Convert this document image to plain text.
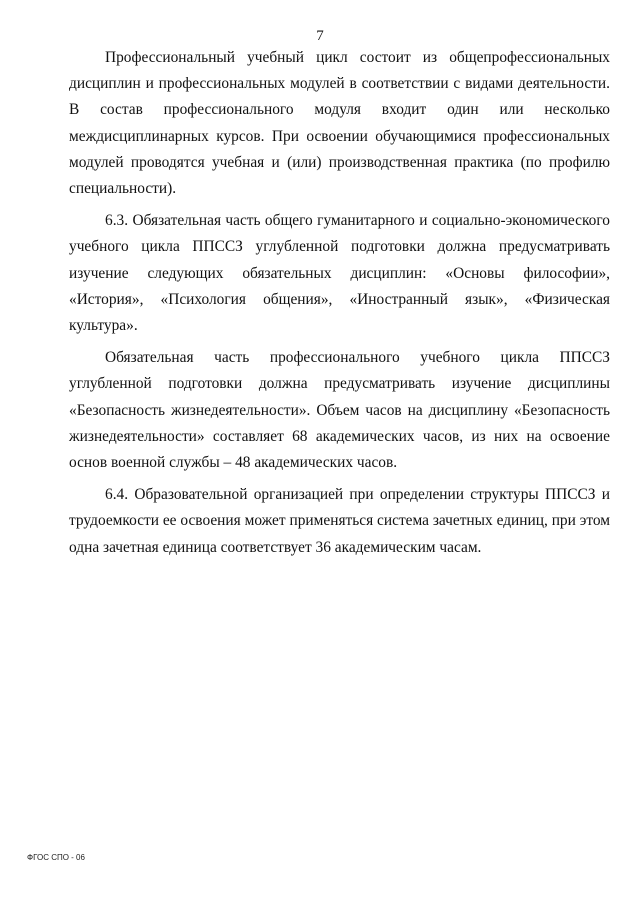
7

Профессиональный учебный цикл состоит из общепрофессиональных дисциплин и профессиональных модулей в соответствии с видами деятельности. В состав профессионального модуля входит один или несколько междисциплинарных курсов. При освоении обучающимися профессиональных модулей проводятся учебная и (или) производственная практика (по профилю специальности).

6.3. Обязательная часть общего гуманитарного и социально-экономического учебного цикла ППССЗ углубленной подготовки должна предусматривать изучение следующих обязательных дисциплин: «Основы философии», «История», «Психология общения», «Иностранный язык», «Физическая культура».

Обязательная часть профессионального учебного цикла ППССЗ углубленной подготовки должна предусматривать изучение дисциплины «Безопасность жизнедеятельности». Объем часов на дисциплину «Безопасность жизнедеятельности» составляет 68 академических часов, из них на освоение основ военной службы – 48 академических часов.

6.4. Образовательной организацией при определении структуры ППССЗ и трудоемкости ее освоения может применяться система зачетных единиц, при этом одна зачетная единица соответствует 36 академическим часам.

ФГОС СПО - 06
